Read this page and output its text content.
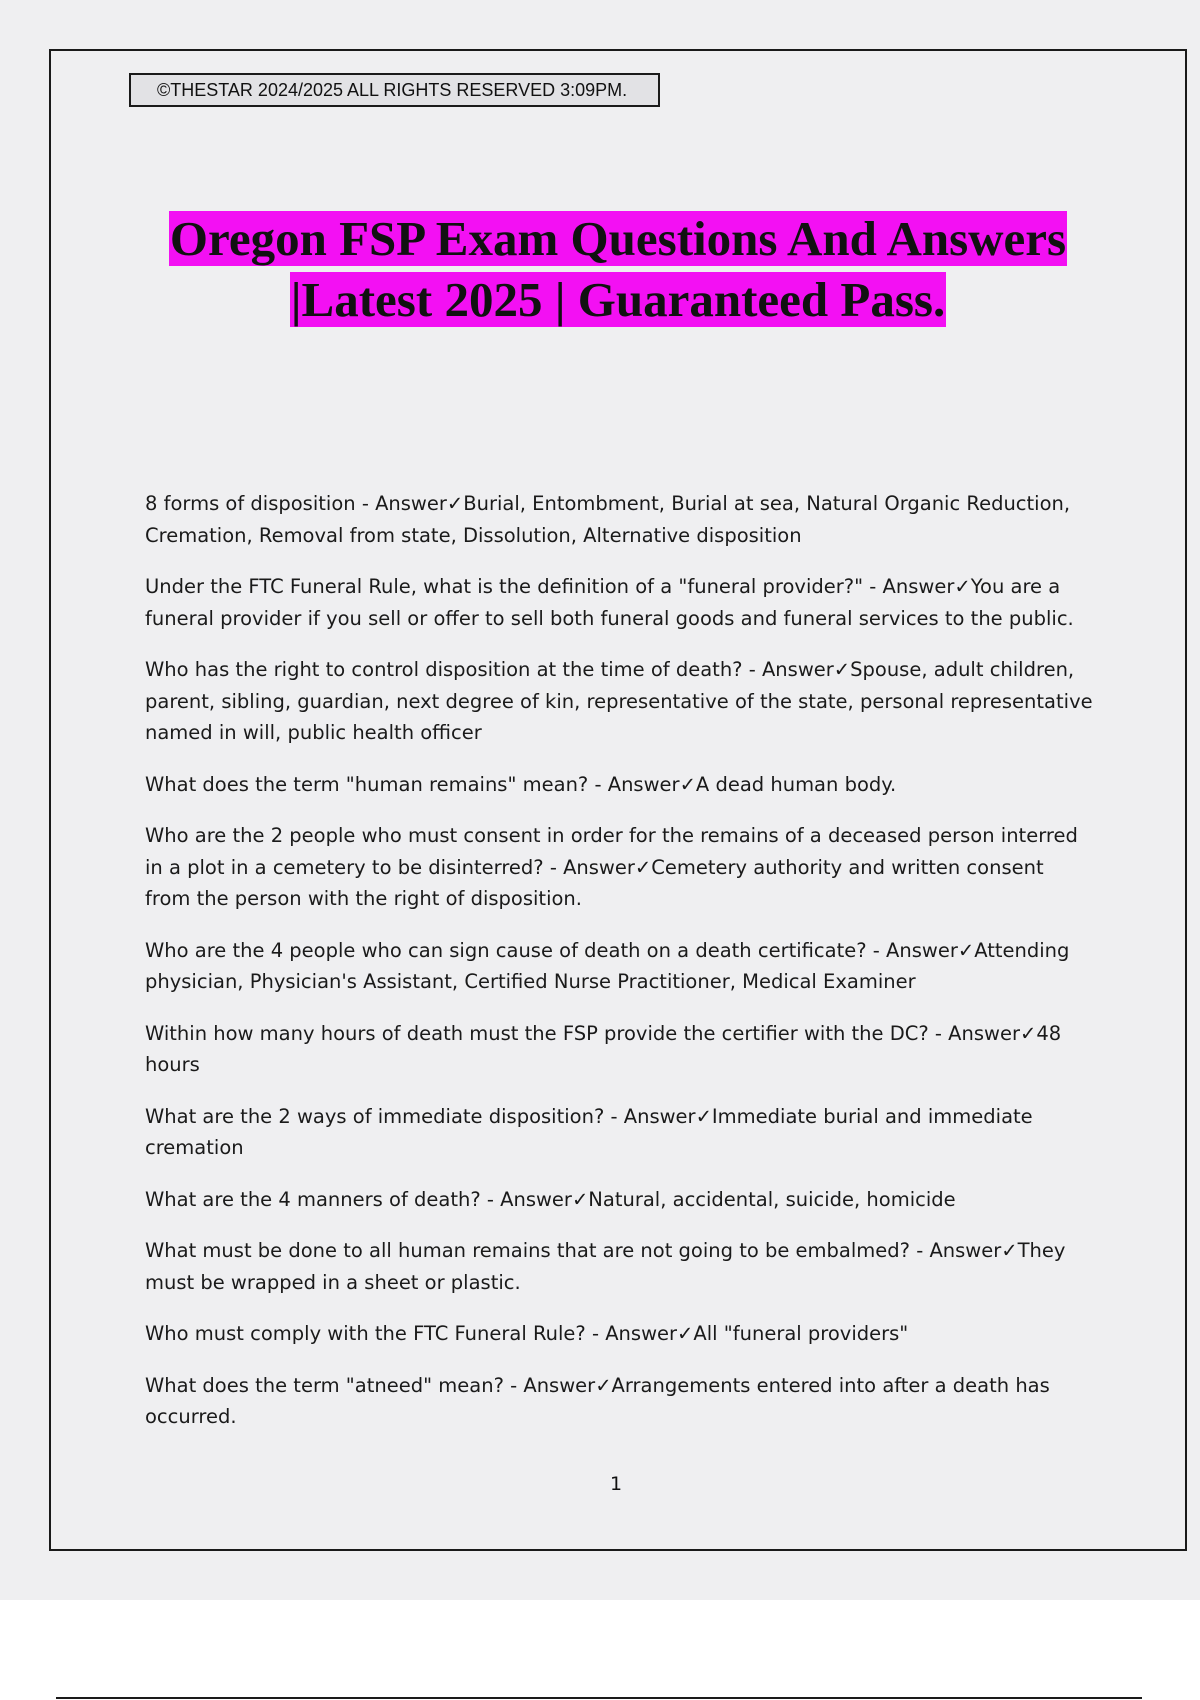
©THESTAR 2024/2025 ALL RIGHTS RESERVED 3:09PM.
Oregon FSP Exam Questions And Answers
|Latest 2025 | Guaranteed Pass.

8 forms of disposition - Answer✓Burial, Entombment, Burial at sea, Natural Organic Reduction, Cremation, Removal from state, Dissolution, Alternative disposition

Under the FTC Funeral Rule, what is the definition of a "funeral provider?" - Answer✓You are a funeral provider if you sell or offer to sell both funeral goods and funeral services to the public.

Who has the right to control disposition at the time of death? - Answer✓Spouse, adult children, parent, sibling, guardian, next degree of kin, representative of the state, personal representative named in will, public health officer

What does the term "human remains" mean? - Answer✓A dead human body.

Who are the 2 people who must consent in order for the remains of a deceased person interred in a plot in a cemetery to be disinterred? - Answer✓Cemetery authority and written consent from the person with the right of disposition.

Who are the 4 people who can sign cause of death on a death certificate? - Answer✓Attending physician, Physician's Assistant, Certified Nurse Practitioner, Medical Examiner

Within how many hours of death must the FSP provide the certifier with the DC? - Answer✓48 hours

What are the 2 ways of immediate disposition? - Answer✓Immediate burial and immediate cremation

What are the 4 manners of death? - Answer✓Natural, accidental, suicide, homicide

What must be done to all human remains that are not going to be embalmed? - Answer✓They must be wrapped in a sheet or plastic.

Who must comply with the FTC Funeral Rule? - Answer✓All "funeral providers"

What does the term "atneed" mean? - Answer✓Arrangements entered into after a death has occurred.

1
